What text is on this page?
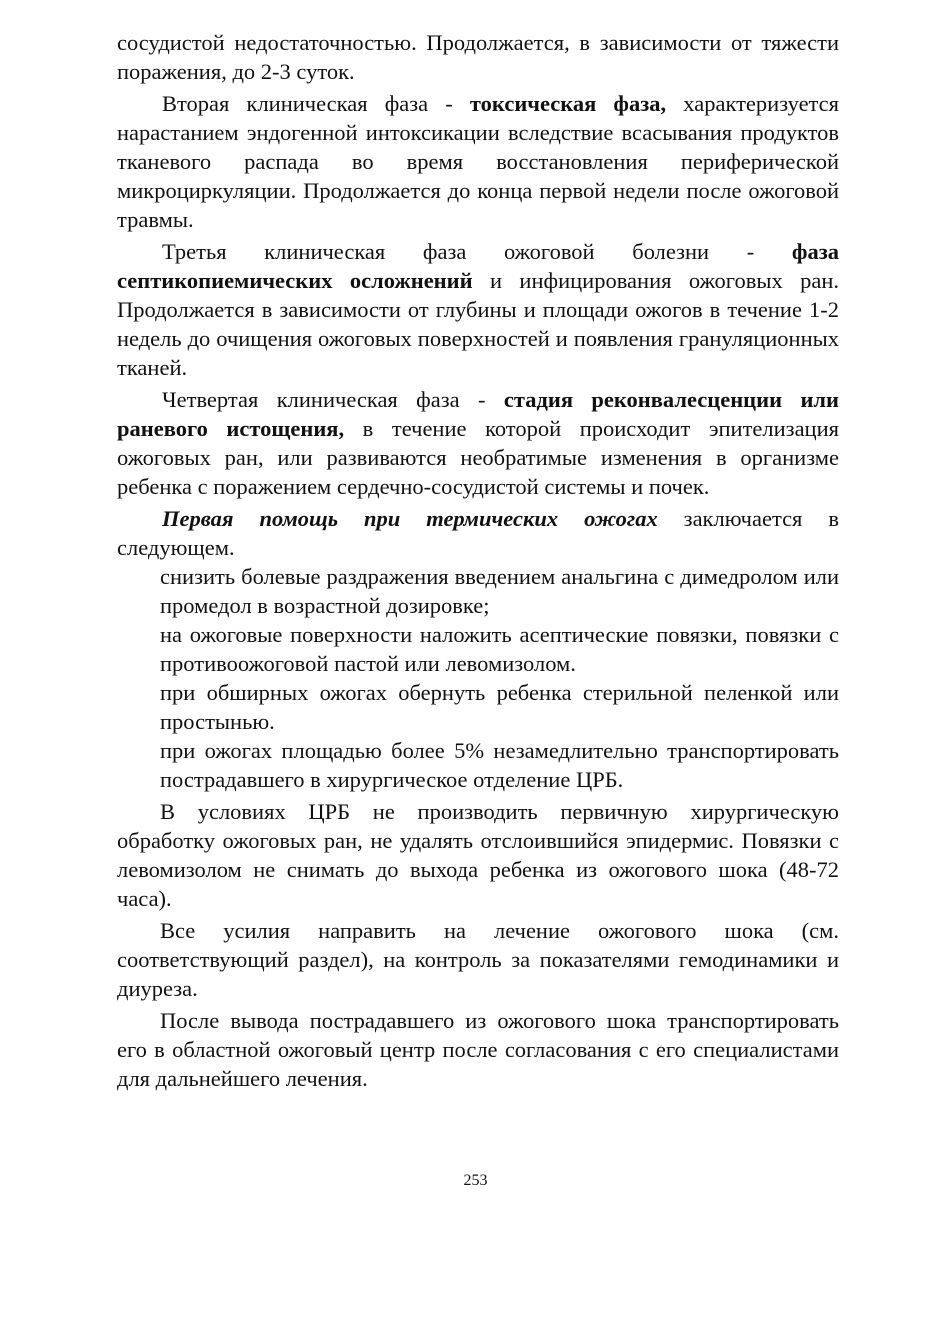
сосудистой недостаточностью. Продолжается, в зависимости от тяжести поражения, до 2-3 суток.

Вторая клиническая фаза - токсическая фаза, характеризуется нарастанием эндогенной интоксикации вследствие всасывания продуктов тканевого распада во время восстановления периферической микроциркуляции. Продолжается до конца первой недели после ожоговой травмы.

Третья клиническая фаза ожоговой болезни - фаза септикопиемических осложнений и инфицирования ожоговых ран. Продолжается в зависимости от глубины и площади ожогов в течение 1-2 недель до очищения ожоговых поверхностей и появления грануляционных тканей.

Четвертая клиническая фаза - стадия реконвалесценции или раневого истощения, в течение которой происходит эпителизация ожоговых ран, или развиваются необратимые изменения в организме ребенка с поражением сердечно-сосудистой системы и почек.

Первая помощь при термических ожогах заключается в следующем.

снизить болевые раздражения введением анальгина с димедролом или промедол в возрастной дозировке;

на ожоговые поверхности наложить асептические повязки, повязки с противоожоговой пастой или левомизолом.

при обширных ожогах обернуть ребенка стерильной пеленкой или простынью.

при ожогах площадью более 5% незамедлительно транспортировать пострадавшего в хирургическое отделение ЦРБ.

В условиях ЦРБ не производить первичную хирургическую обработку ожоговых ран, не удалять отслоившийся эпидермис. Повязки с левомизолом не снимать до выхода ребенка из ожогового шока (48-72 часа).

Все усилия направить на лечение ожогового шока (см. соответствующий раздел), на контроль за показателями гемодинамики и диуреза.

После вывода пострадавшего из ожогового шока транспортировать его в областной ожоговый центр после согласования с его специалистами для дальнейшего лечения.

253
